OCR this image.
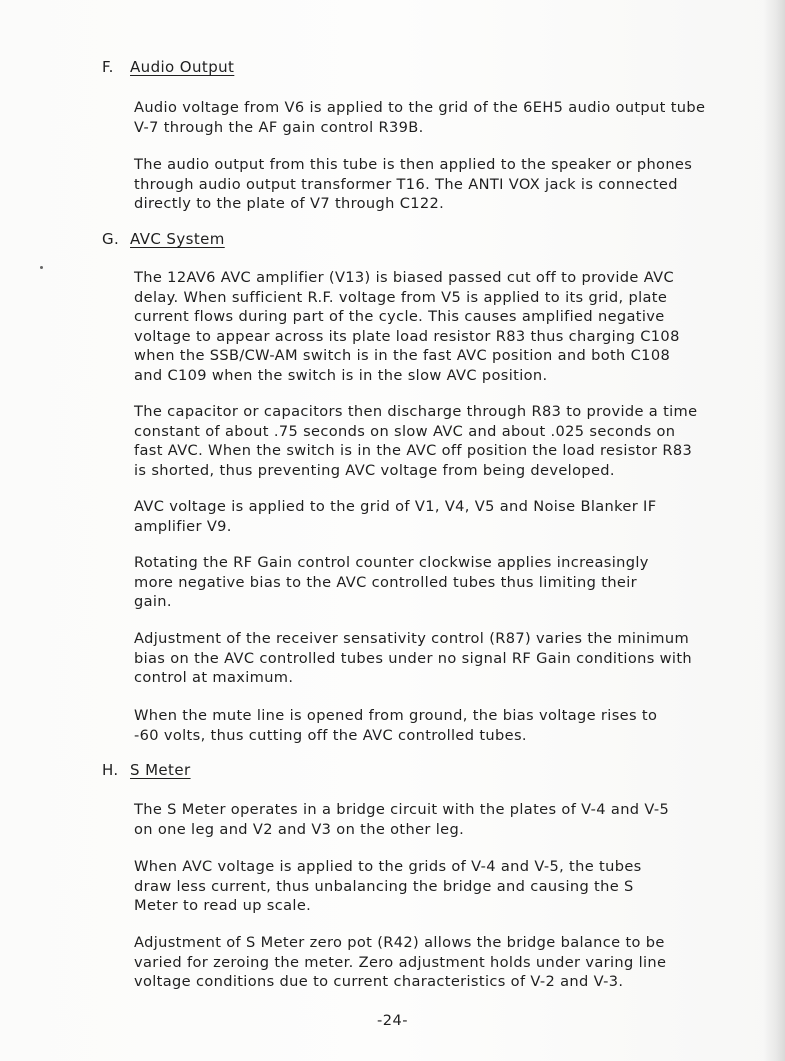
F. Audio Output
Audio voltage from V6 is applied to the grid of the 6EH5 audio output tube
V-7 through the AF gain control R39B.
The audio output from this tube is then applied to the speaker or phones
through audio output transformer T16. The ANTI VOX jack is connected
directly to the plate of V7 through C122.
G. AVC System
The 12AV6 AVC amplifier (V13) is biased passed cut off to provide AVC
delay. When sufficient R.F. voltage from V5 is applied to its grid, plate
current flows during part of the cycle. This causes amplified negative
voltage to appear across its plate load resistor R83 thus charging C108
when the SSB/CW-AM switch is in the fast AVC position and both C108
and C109 when the switch is in the slow AVC position.
The capacitor or capacitors then discharge through R83 to provide a time
constant of about .75 seconds on slow AVC and about .025 seconds on
fast AVC. When the switch is in the AVC off position the load resistor R83
is shorted, thus preventing AVC voltage from being developed.
AVC voltage is applied to the grid of V1, V4, V5 and Noise Blanker IF
amplifier V9.
Rotating the RF Gain control counter clockwise applies increasingly
more negative bias to the AVC controlled tubes thus limiting their
gain.
Adjustment of the receiver sensativity control (R87) varies the minimum
bias on the AVC controlled tubes under no signal RF Gain conditions with
control at maximum.
When the mute line is opened from ground, the bias voltage rises to
-60 volts, thus cutting off the AVC controlled tubes.
H. S Meter
The S Meter operates in a bridge circuit with the plates of V-4 and V-5
on one leg and V2 and V3 on the other leg.
When AVC voltage is applied to the grids of V-4 and V-5, the tubes
draw less current, thus unbalancing the bridge and causing the S
Meter to read up scale.
Adjustment of S Meter zero pot (R42) allows the bridge balance to be
varied for zeroing the meter. Zero adjustment holds under varing line
voltage conditions due to current characteristics of V-2 and V-3.
-24-
